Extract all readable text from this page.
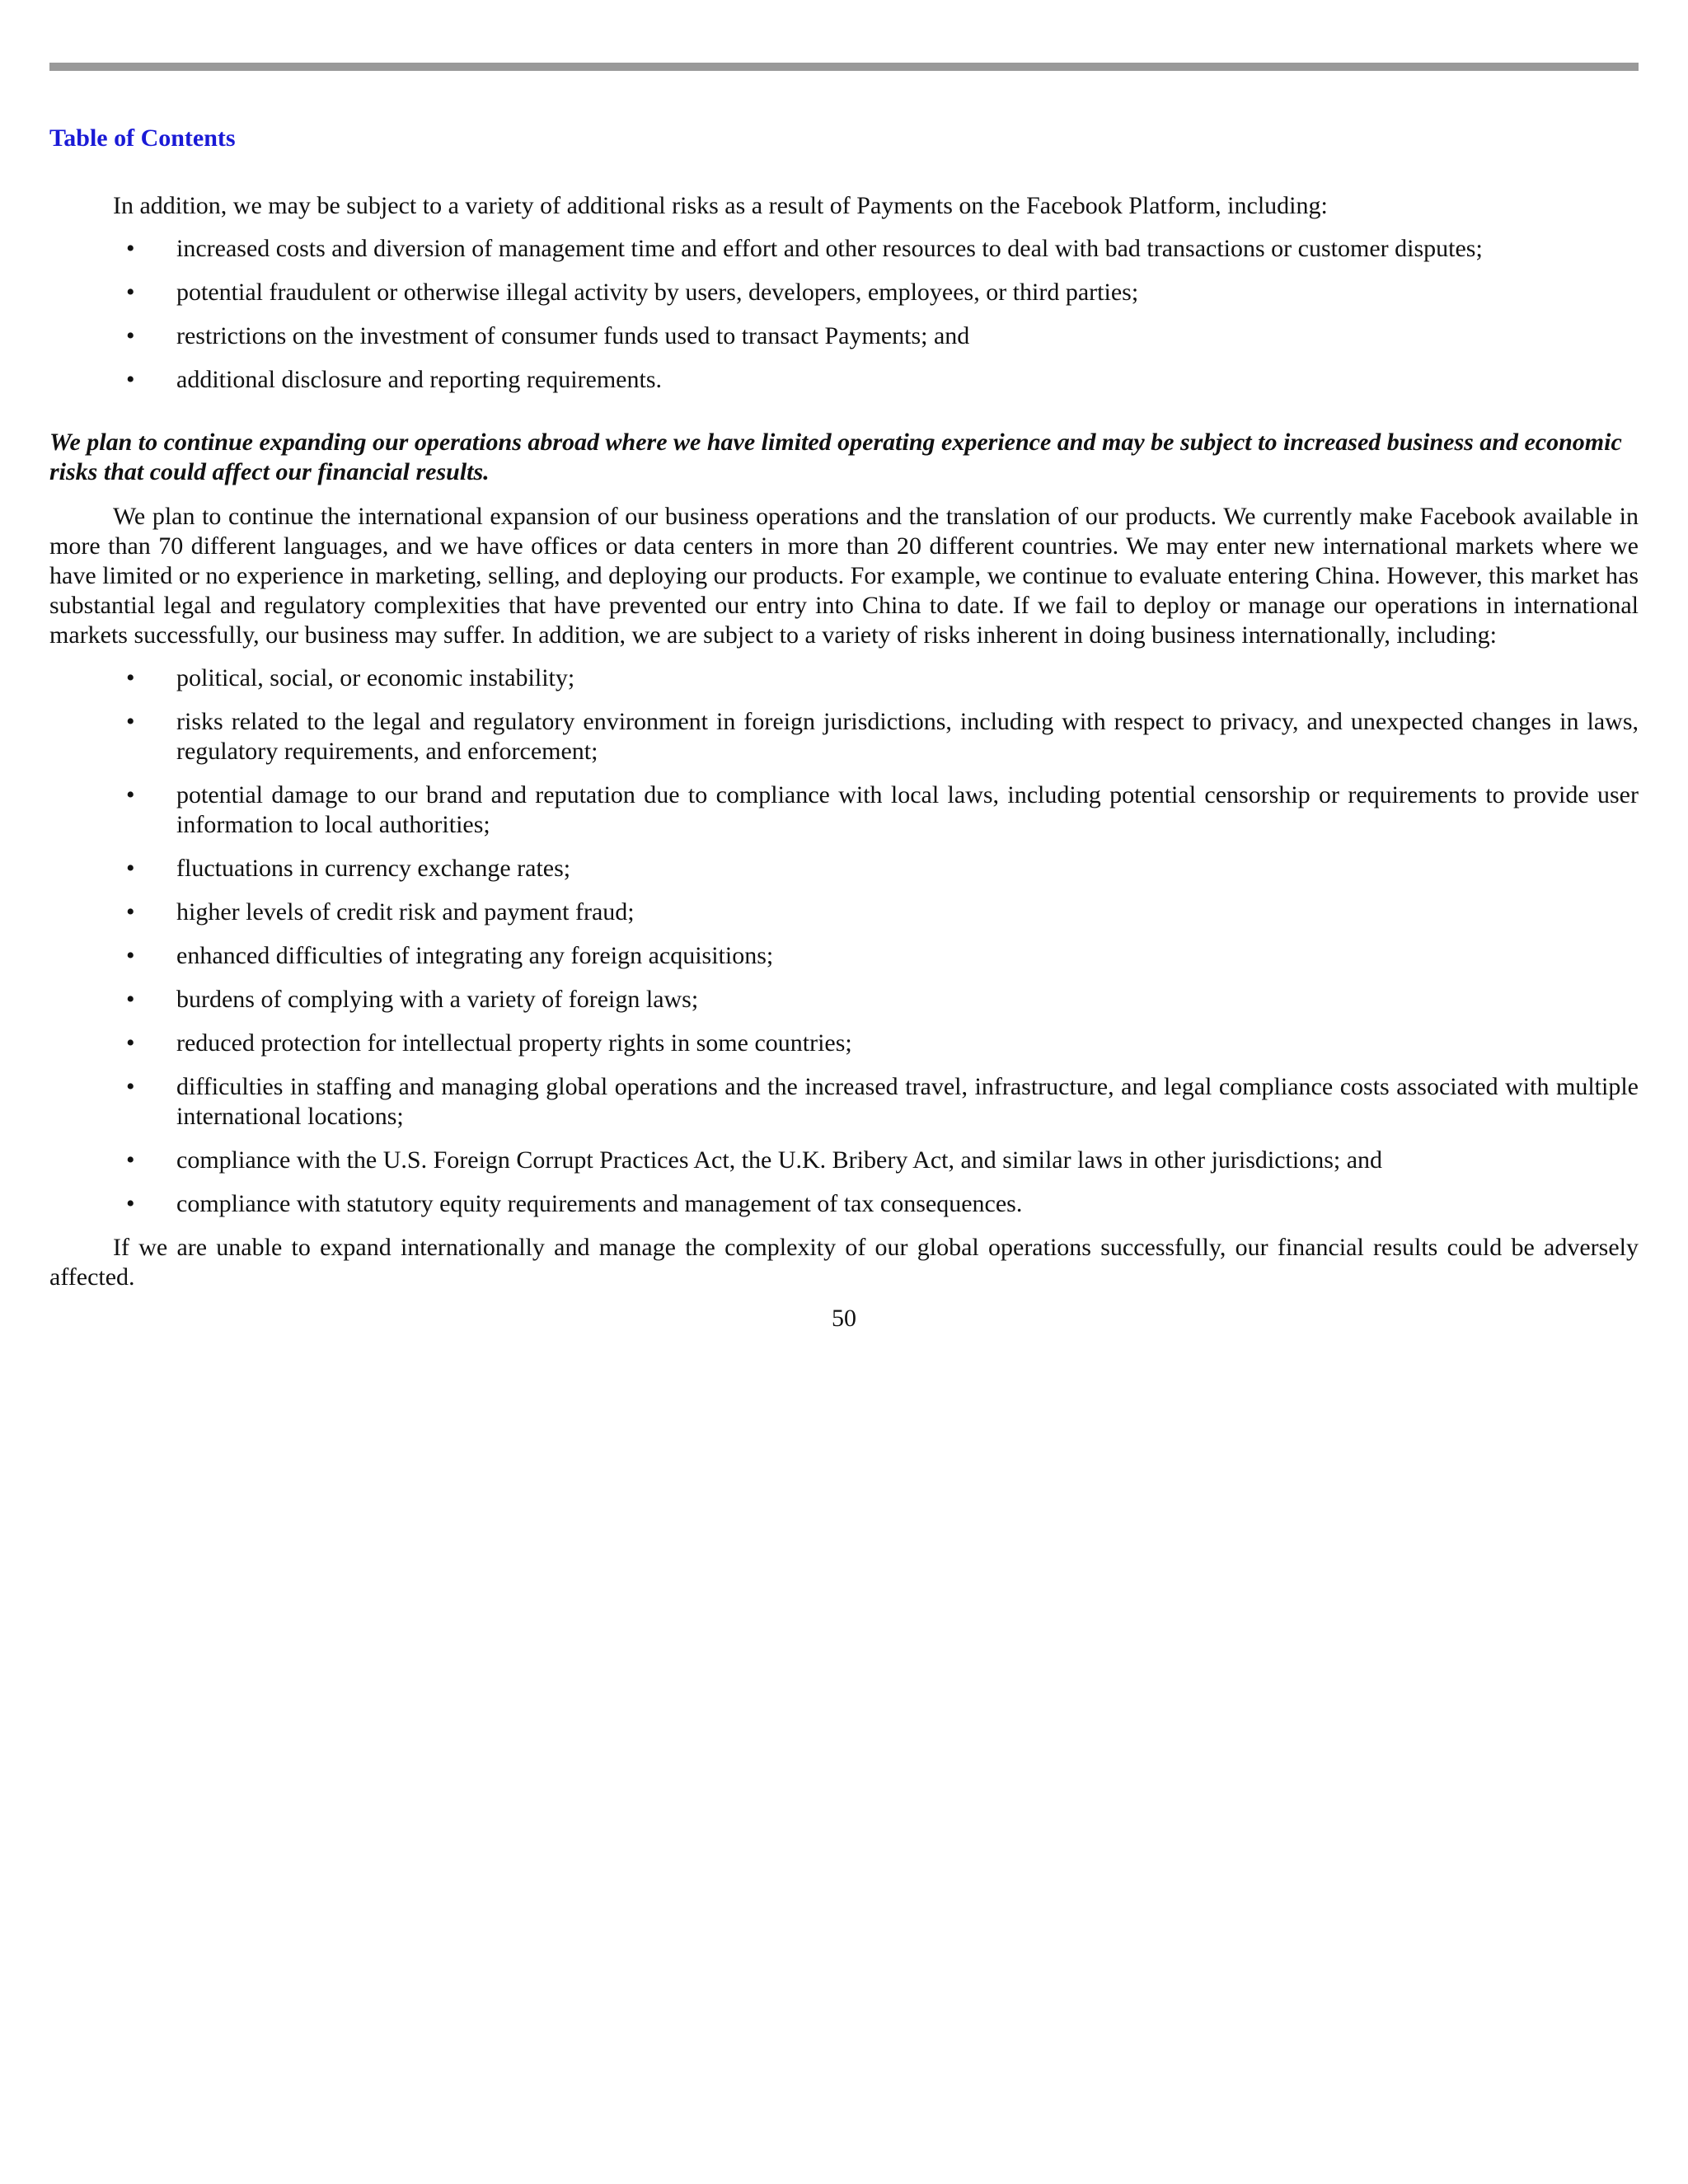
Table of Contents

In addition, we may be subject to a variety of additional risks as a result of Payments on the Facebook Platform, including:

• increased costs and diversion of management time and effort and other resources to deal with bad transactions or customer disputes;
• potential fraudulent or otherwise illegal activity by users, developers, employees, or third parties;
• restrictions on the investment of consumer funds used to transact Payments; and
• additional disclosure and reporting requirements.

We plan to continue expanding our operations abroad where we have limited operating experience and may be subject to increased business and economic risks that could affect our financial results.

We plan to continue the international expansion of our business operations and the translation of our products. We currently make Facebook available in more than 70 different languages, and we have offices or data centers in more than 20 different countries. We may enter new international markets where we have limited or no experience in marketing, selling, and deploying our products. For example, we continue to evaluate entering China. However, this market has substantial legal and regulatory complexities that have prevented our entry into China to date. If we fail to deploy or manage our operations in international markets successfully, our business may suffer. In addition, we are subject to a variety of risks inherent in doing business internationally, including:

• political, social, or economic instability;
• risks related to the legal and regulatory environment in foreign jurisdictions, including with respect to privacy, and unexpected changes in laws, regulatory requirements, and enforcement;
• potential damage to our brand and reputation due to compliance with local laws, including potential censorship or requirements to provide user information to local authorities;
• fluctuations in currency exchange rates;
• higher levels of credit risk and payment fraud;
• enhanced difficulties of integrating any foreign acquisitions;
• burdens of complying with a variety of foreign laws;
• reduced protection for intellectual property rights in some countries;
• difficulties in staffing and managing global operations and the increased travel, infrastructure, and legal compliance costs associated with multiple international locations;
• compliance with the U.S. Foreign Corrupt Practices Act, the U.K. Bribery Act, and similar laws in other jurisdictions; and
• compliance with statutory equity requirements and management of tax consequences.

If we are unable to expand internationally and manage the complexity of our global operations successfully, our financial results could be adversely affected.

50
